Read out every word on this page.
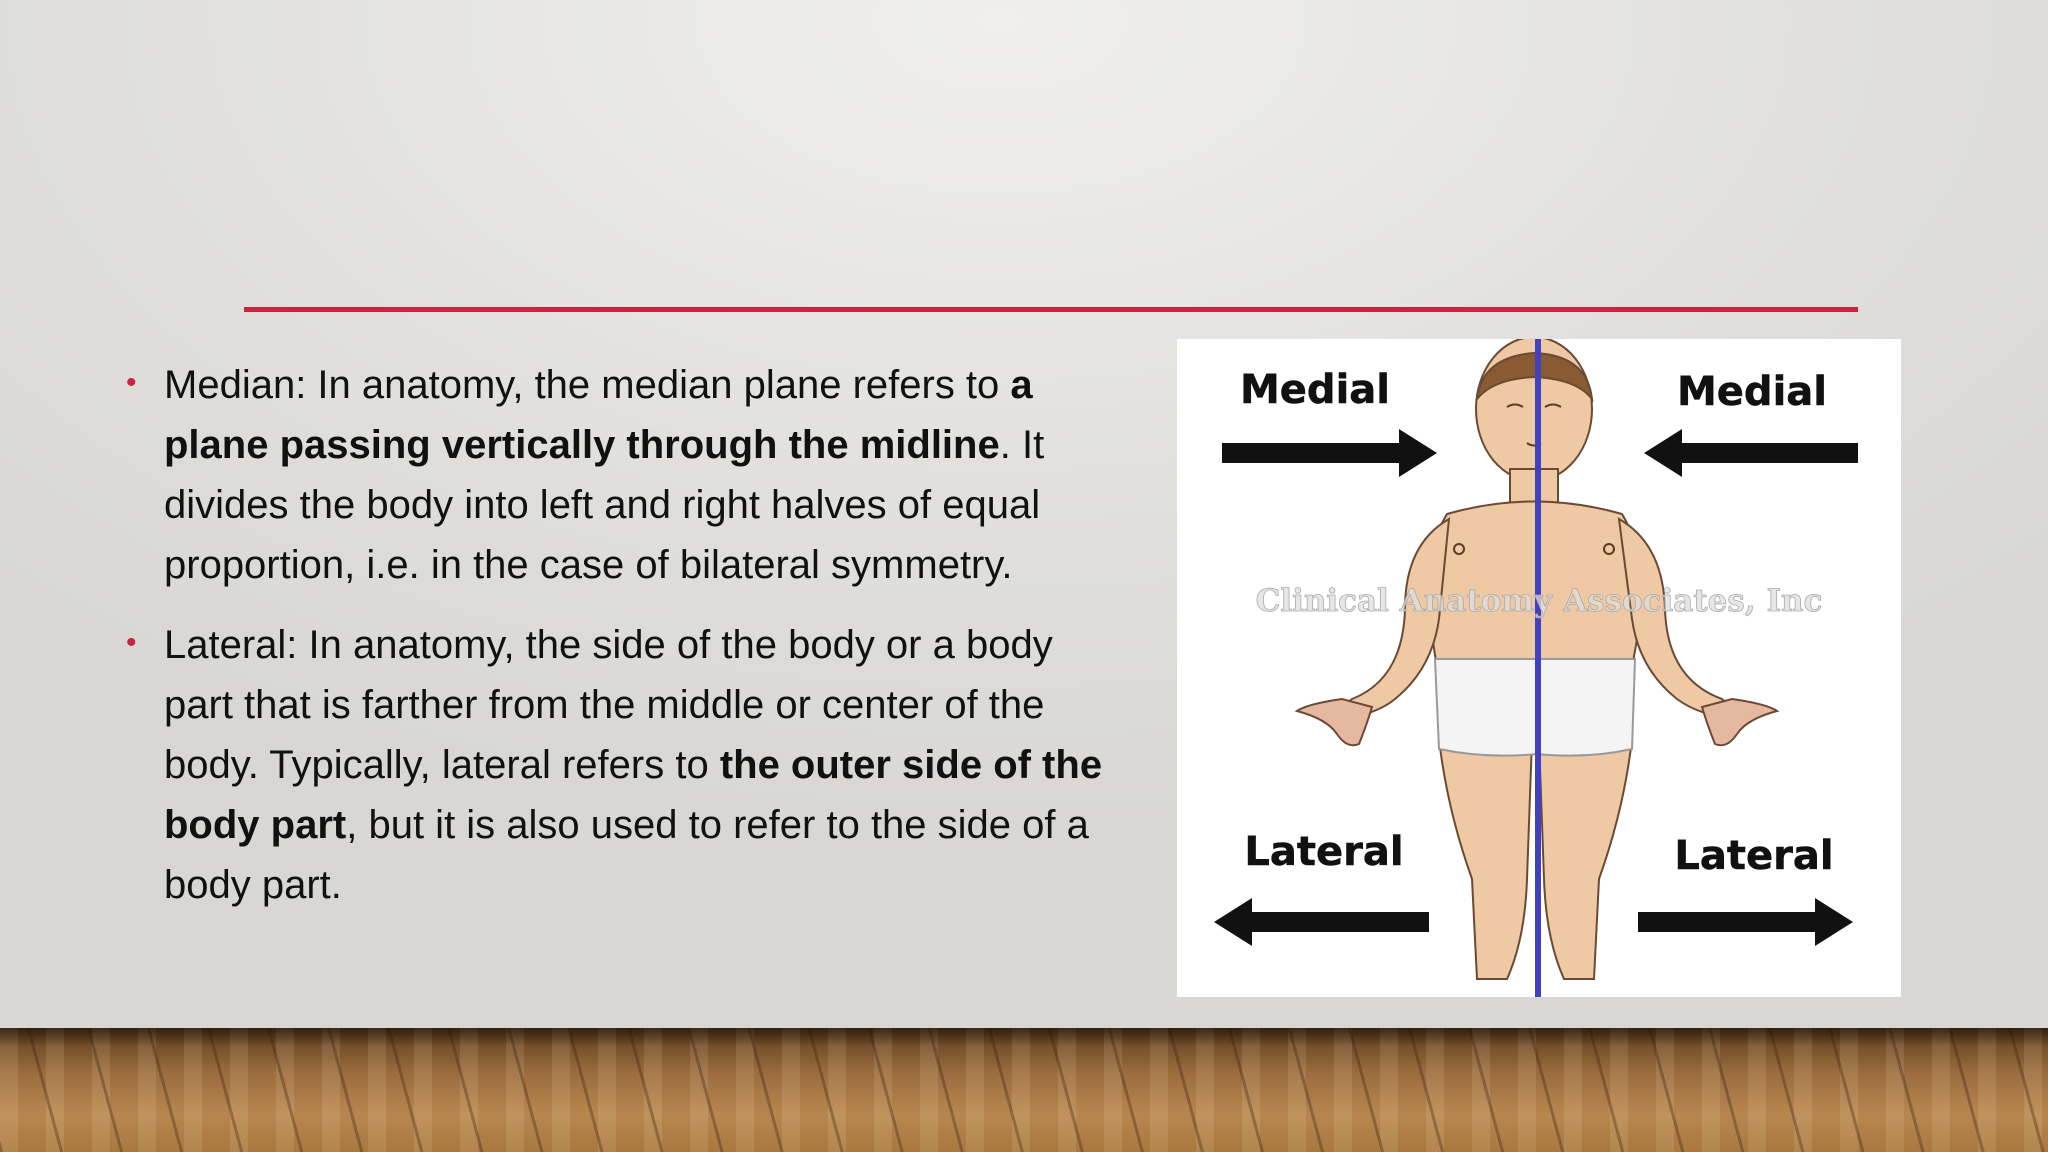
• Median: In anatomy, the median plane refers to a plane passing vertically through the midline. It divides the body into left and right halves of equal proportion, i.e. in the case of bilateral symmetry.
• Lateral: In anatomy, the side of the body or a body part that is farther from the middle or center of the body. Typically, lateral refers to the outer side of the body part, but it is also used to refer to the side of a body part.
Clinical Anatomy Associates, Inc
Medial	Medial
Lateral	Lateral
